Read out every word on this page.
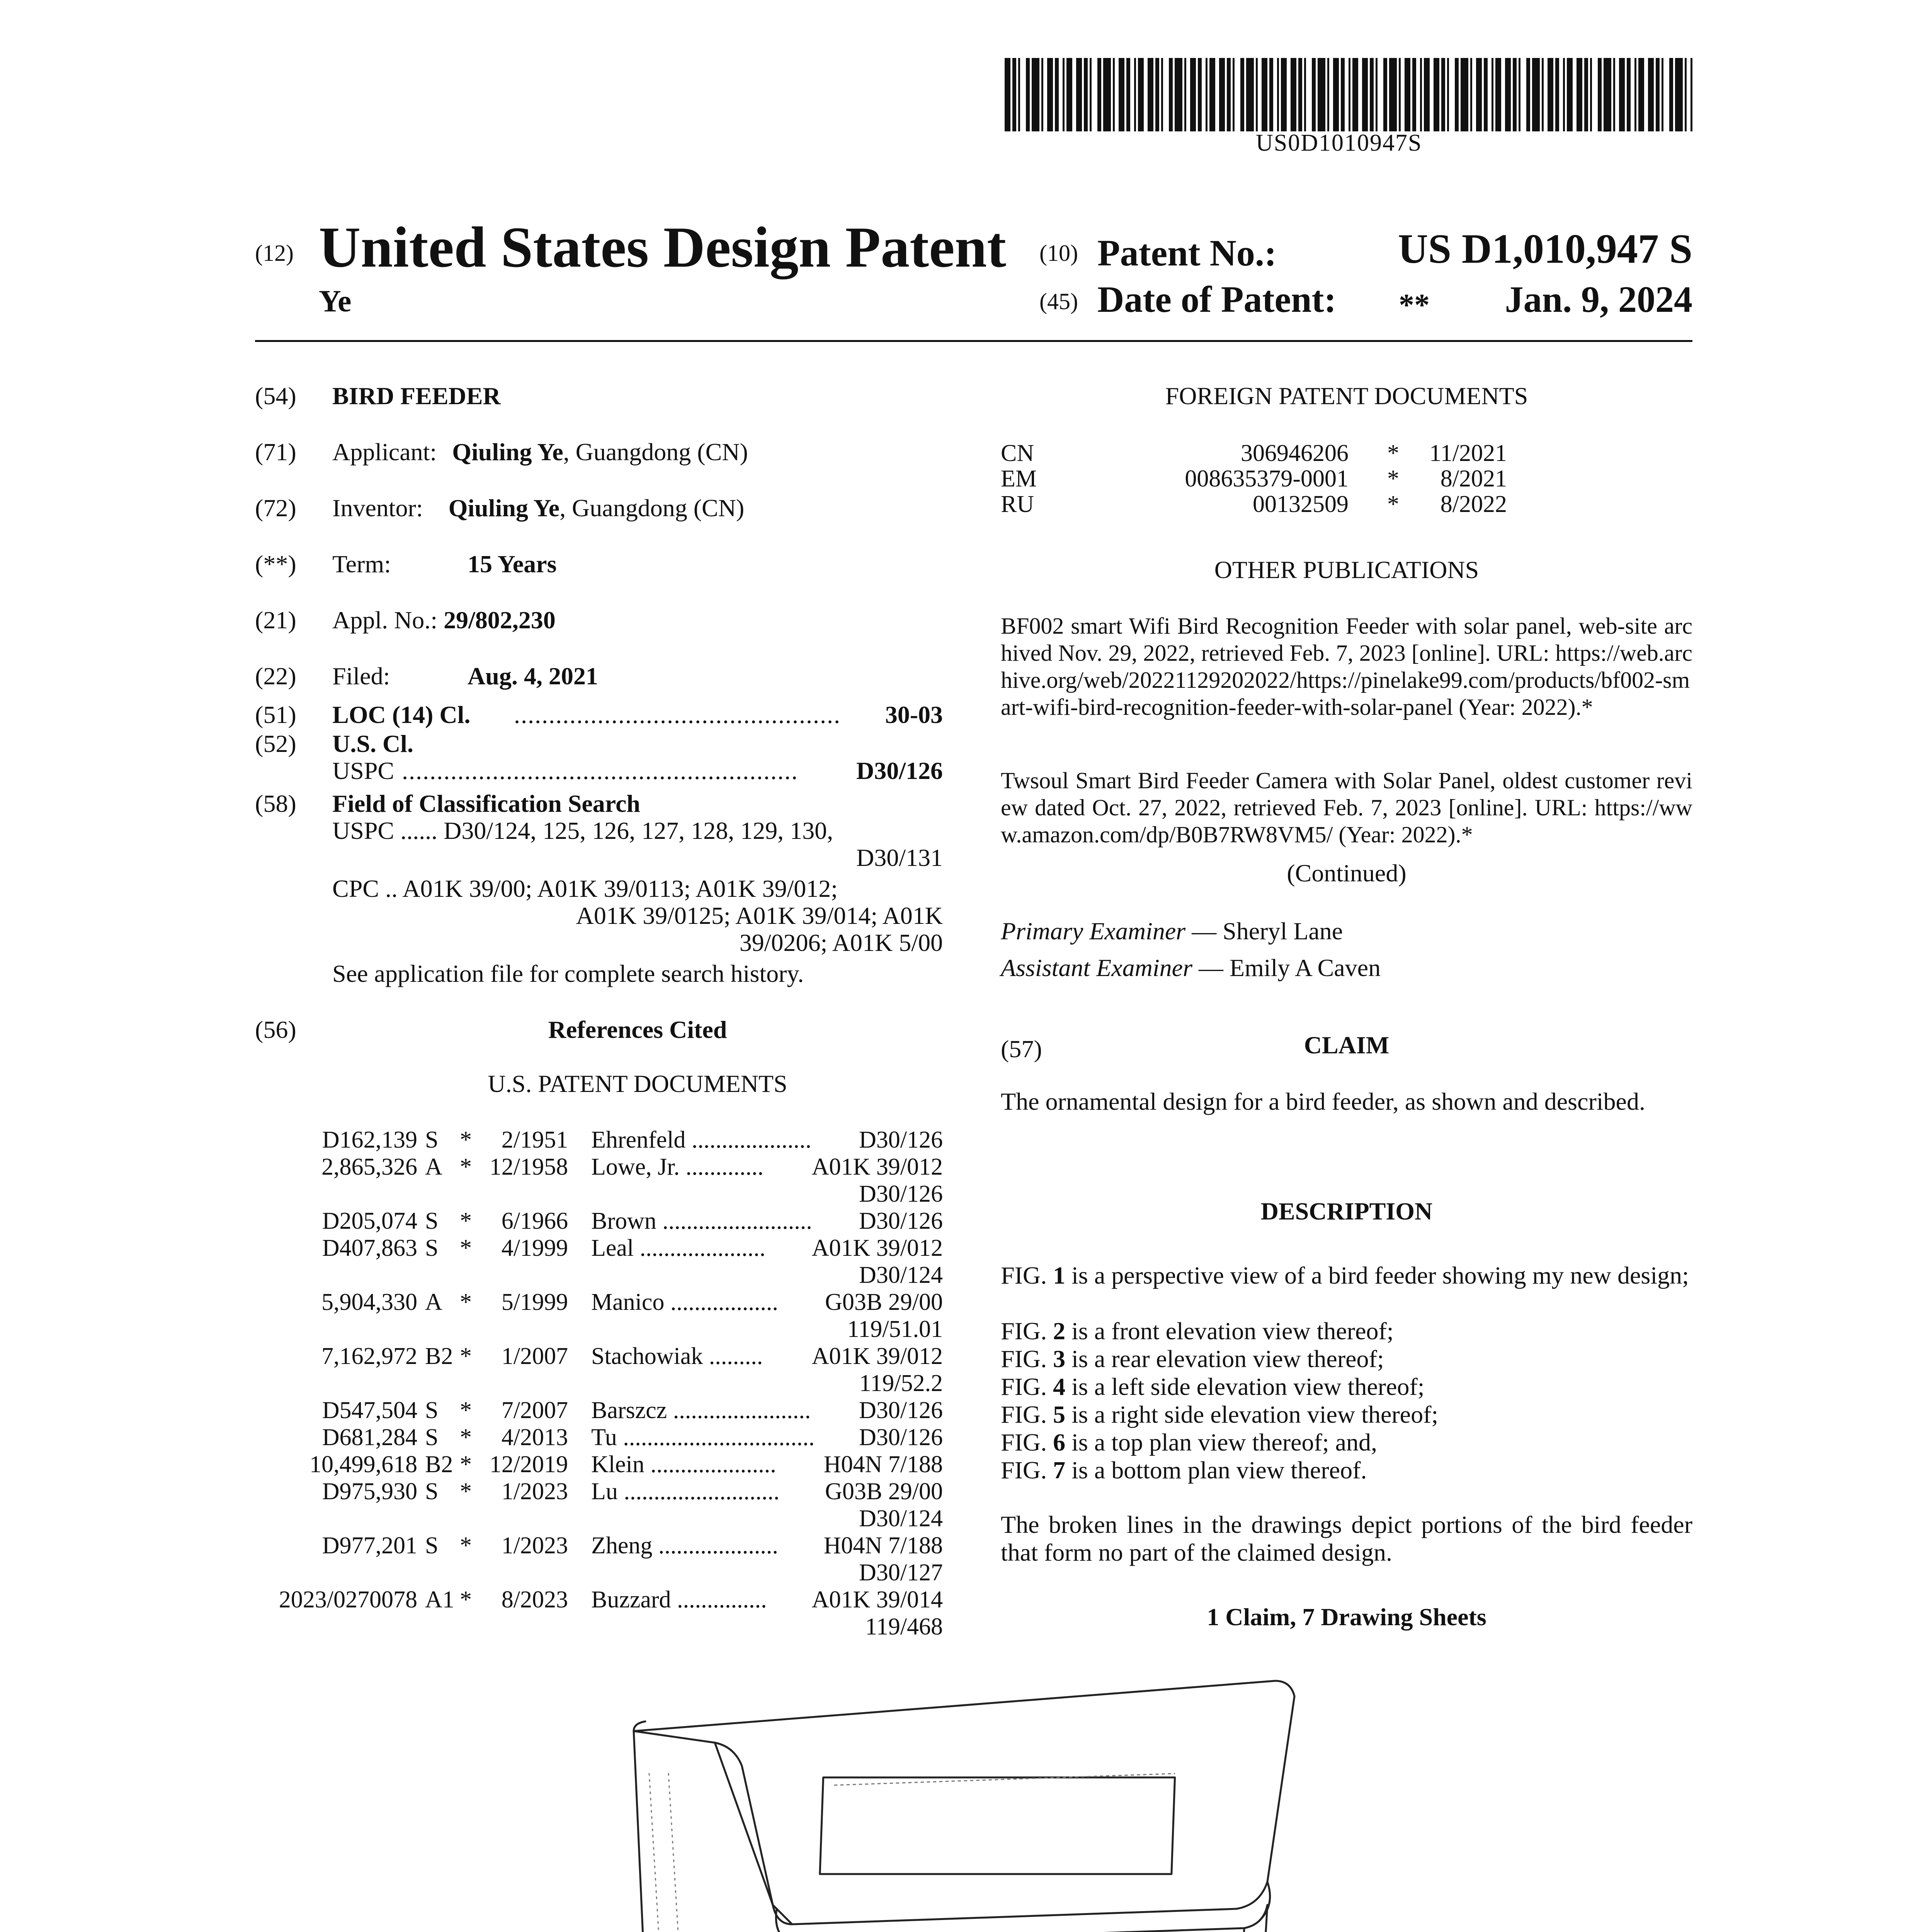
US0D1010947S
(12) United States Design Patent
Ye
(10) Patent No.:	US D1,010,947 S
(45) Date of Patent: **	Jan. 9, 2024
(54) BIRD FEEDER
(71) Applicant: Qiuling Ye, Guangdong (CN)
(72) Inventor: Qiuling Ye, Guangdong (CN)
(**) Term:	15 Years
(21) Appl. No.: 29/802,230
(22) Filed:	Aug. 4, 2021
(51) LOC (14) Cl. ...............................................	30-03
(52) U.S. Cl.
USPC .........................................................	D30/126
(58) Field of Classification Search
USPC ...... D30/124, 125, 126, 127, 128, 129, 130,
D30/131
CPC .. A01K 39/00; A01K 39/0113; A01K 39/012;
A01K 39/0125; A01K 39/014; A01K
39/0206; A01K 5/00
See application file for complete search history.
(56)	References Cited
U.S. PATENT DOCUMENTS
D162,139 S *	2/1951 Ehrenfeld ....................	D30/126
2,865,326 A * 12/1958 Lowe, Jr. .............	A01K 39/012
D30/126
D205,074 S *	6/1966 Brown .........................	D30/126
D407,863 S *	4/1999 Leal .....................	A01K 39/012
D30/124
5,904,330 A *	5/1999 Manico ..................	G03B 29/00
119/51.01
7,162,972 B2 *	1/2007 Stachowiak .........	A01K 39/012
119/52.2
D547,504 S *	7/2007 Barszcz .......................	D30/126
D681,284 S *	4/2013 Tu ................................	D30/126
10,499,618 B2 * 12/2019 Klein .....................	H04N 7/188
D975,930 S *	1/2023 Lu ..........................	G03B 29/00
D30/124
D977,201 S *	1/2023 Zheng ....................	H04N 7/188
D30/127
2023/0270078 A1 *	8/2023 Buzzard ...............	A01K 39/014
119/468
FOREIGN PATENT DOCUMENTS
CN	306946206 *	11/2021
EM	008635379-0001 *	8/2021
RU	00132509 *	8/2022
OTHER PUBLICATIONS
BF002 smart Wifi Bird Recognition Feeder with solar panel, web-site archived Nov. 29, 2022, retrieved Feb. 7, 2023 [online]. URL: https://web.archive.org/web/20221129202022/https://pinelake99.com/products/bf002-smart-wifi-bird-recognition-feeder-with-solar-panel (Year: 2022).*
Twsoul Smart Bird Feeder Camera with Solar Panel, oldest customer review dated Oct. 27, 2022, retrieved Feb. 7, 2023 [online]. URL: https://www.amazon.com/dp/B0B7RW8VM5/ (Year: 2022).*
(Continued)
Primary Examiner — Sheryl Lane
Assistant Examiner — Emily A Caven
(57)	CLAIM
The ornamental design for a bird feeder, as shown and described.
DESCRIPTION
FIG. 1 is a perspective view of a bird feeder showing my new design;
FIG. 2 is a front elevation view thereof;
FIG. 3 is a rear elevation view thereof;
FIG. 4 is a left side elevation view thereof;
FIG. 5 is a right side elevation view thereof;
FIG. 6 is a top plan view thereof; and,
FIG. 7 is a bottom plan view thereof.
The broken lines in the drawings depict portions of the bird feeder that form no part of the claimed design.
1 Claim, 7 Drawing Sheets
